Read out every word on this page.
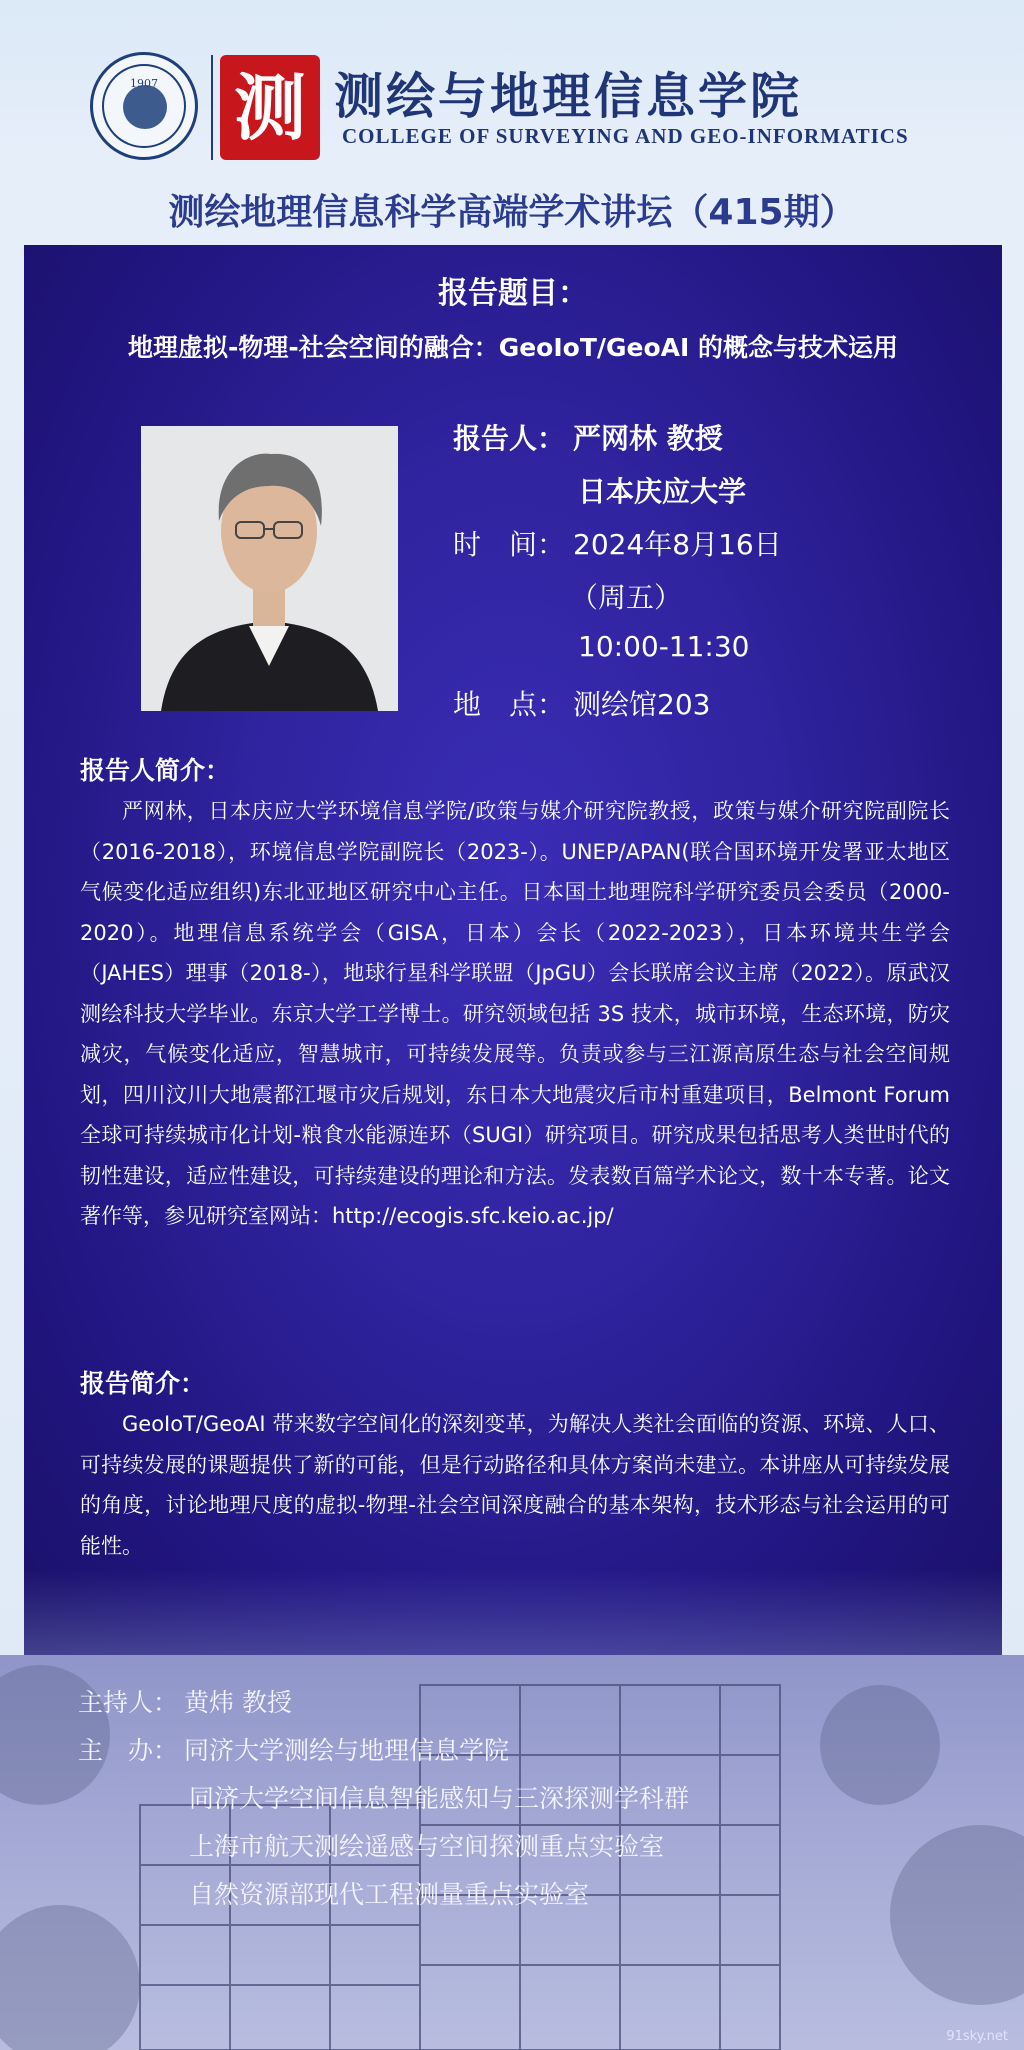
1907	测 测绘与地理信息学院
COLLEGE OF SURVEYING AND GEO-INFORMATICS
测绘地理信息科学高端学术讲坛（415期）
报告题目：
地理虚拟-物理-社会空间的融合：GeoIoT/GeoAI 的概念与技术运用
报告人： 严网林 教授
日本庆应大学
时　间： 2024年8月16日
（周五）
10:00-11:30
地　点： 测绘馆203
报告人简介：
严网林，日本庆应大学环境信息学院/政策与媒介研究院教授，政策与媒介研究院副院长（2016-2018），环境信息学院副院长（2023-）。UNEP/APAN(联合国环境开发署亚太地区气候变化适应组织)东北亚地区研究中心主任。日本国土地理院科学研究委员会委员（2000-2020）。地理信息系统学会（GISA，日本）会长（2022-2023），日本环境共生学会（JAHES）理事（2018-），地球行星科学联盟（JpGU）会长联席会议主席（2022）。原武汉测绘科技大学毕业。东京大学工学博士。研究领域包括 3S 技术，城市环境，生态环境，防灾减灾，气候变化适应，智慧城市，可持续发展等。负责或参与三江源高原生态与社会空间规划，四川汶川大地震都江堰市灾后规划，东日本大地震灾后市村重建项目，Belmont Forum 全球可持续城市化计划-粮食水能源连环（SUGI）研究项目。研究成果包括思考人类世时代的韧性建设，适应性建设，可持续建设的理论和方法。发表数百篇学术论文，数十本专著。论文著作等，参见研究室网站：http://ecogis.sfc.keio.ac.jp/
报告简介：
GeoIoT/GeoAI 带来数字空间化的深刻变革，为解决人类社会面临的资源、环境、人口、可持续发展的课题提供了新的可能，但是行动路径和具体方案尚未建立。本讲座从可持续发展的角度，讨论地理尺度的虚拟-物理-社会空间深度融合的基本架构，技术形态与社会运用的可能性。
主持人： 黄炜 教授
主　办： 同济大学测绘与地理信息学院
同济大学空间信息智能感知与三深探测学科群
上海市航天测绘遥感与空间探测重点实验室
自然资源部现代工程测量重点实验室
91sky.net
